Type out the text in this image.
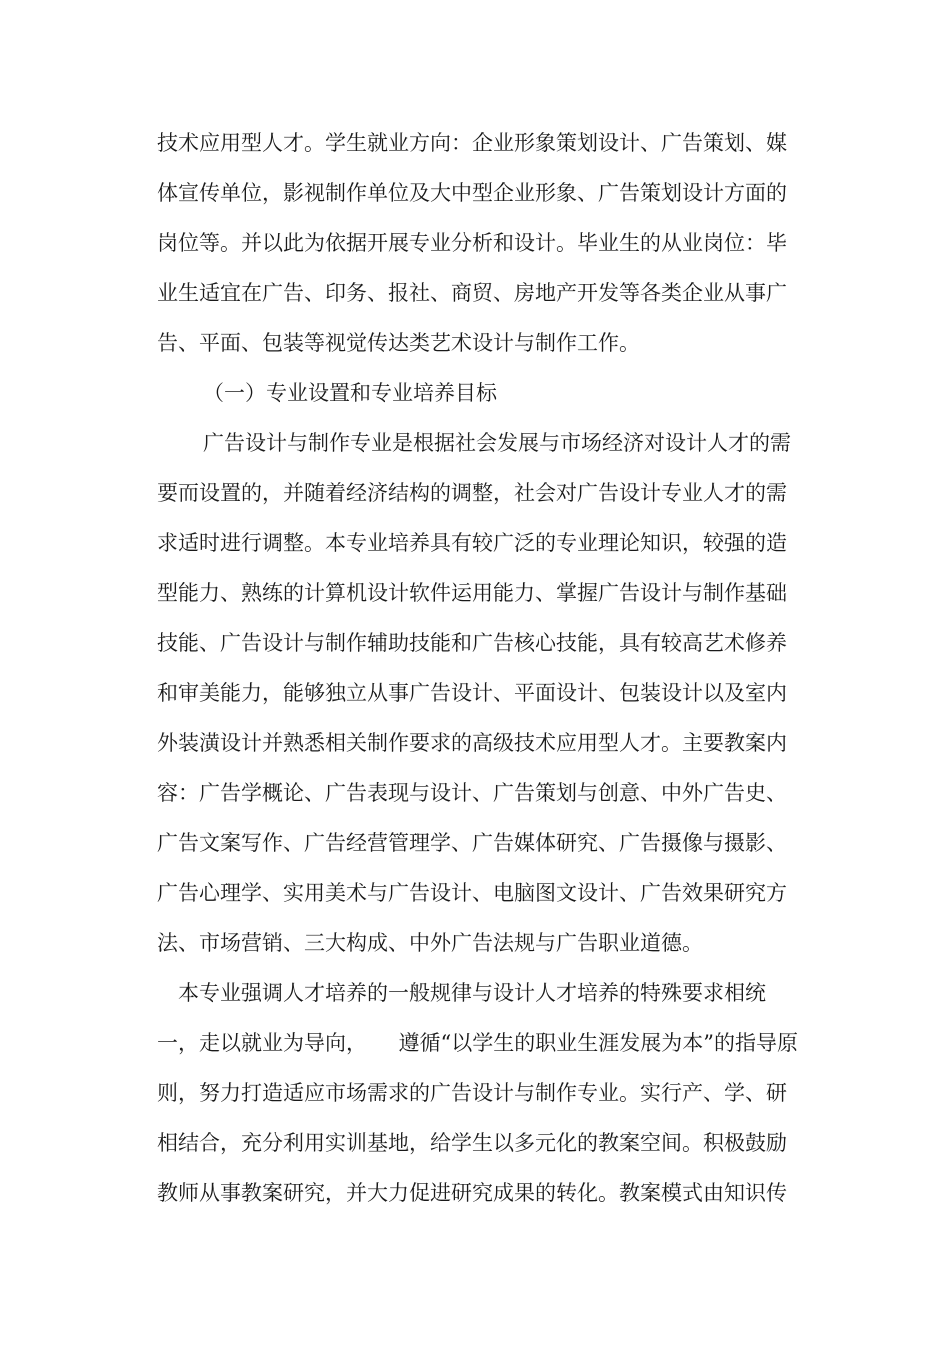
技术应用型人才。学生就业方向：企业形象策划设计、广告策划、媒

体宣传单位，影视制作单位及大中型企业形象、广告策划设计方面的

岗位等。并以此为依据开展专业分析和设计。毕业生的从业岗位：毕

业生适宜在广告、印务、报社、商贸、房地产开发等各类企业从事广

告、平面、包装等视觉传达类艺术设计与制作工作。

（一）专业设置和专业培养目标

广告设计与制作专业是根据社会发展与市场经济对设计人才的需

要而设置的，并随着经济结构的调整，社会对广告设计专业人才的需

求适时进行调整。本专业培养具有较广泛的专业理论知识，较强的造

型能力、熟练的计算机设计软件运用能力、掌握广告设计与制作基础

技能、广告设计与制作辅助技能和广告核心技能，具有较高艺术修养

和审美能力，能够独立从事广告设计、平面设计、包装设计以及室内

外装潢设计并熟悉相关制作要求的高级技术应用型人才。主要教案内

容：广告学概论、广告表现与设计、广告策划与创意、中外广告史、

广告文案写作、广告经营管理学、广告媒体研究、广告摄像与摄影、

广告心理学、实用美术与广告设计、电脑图文设计、广告效果研究方

法、市场营销、三大构成、中外广告法规与广告职业道德。

本专业强调人才培养的一般规律与设计人才培养的特殊要求相统

一，走以就业为导向，　　遵循“以学生的职业生涯发展为本”的指导原

则，努力打造适应市场需求的广告设计与制作专业。实行产、学、研

相结合，充分利用实训基地，给学生以多元化的教案空间。积极鼓励

教师从事教案研究，并大力促进研究成果的转化。教案模式由知识传
